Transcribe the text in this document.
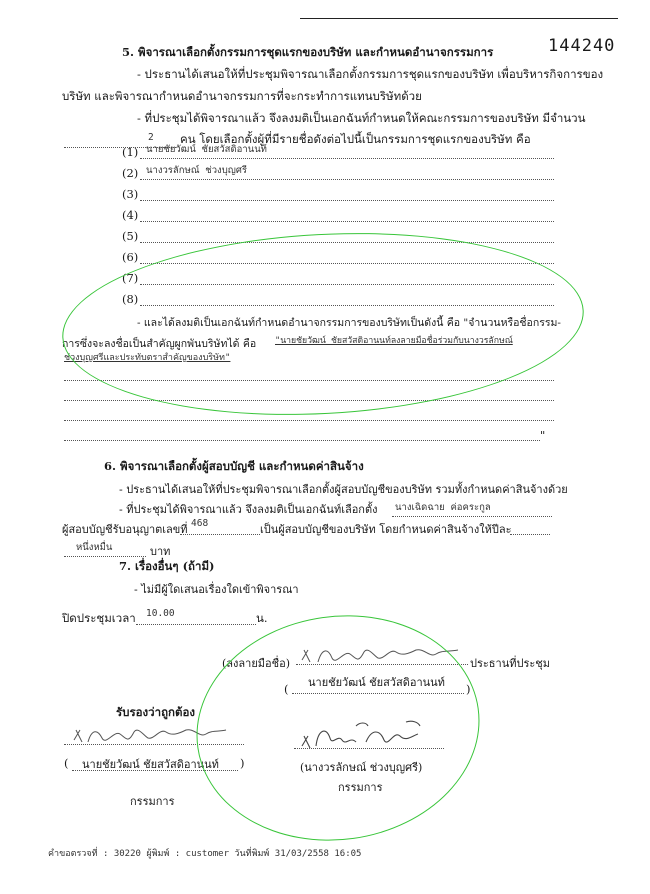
144240
5. พิจารณาเลือกตั้งกรรมการชุดแรกของบริษัท และกำหนดอำนาจกรรมการ
- ประธานได้เสนอให้ที่ประชุมพิจารณาเลือกตั้งกรรมการชุดแรกของบริษัท เพื่อบริหารกิจการของ
บริษัท และพิจารณากำหนดอำนาจกรรมการที่จะกระทำการแทนบริษัทด้วย
- ที่ประชุมได้พิจารณาแล้ว จึงลงมติเป็นเอกฉันท์กำหนดให้คณะกรรมการของบริษัท มีจำนวน
2 คน โดยเลือกตั้งผู้ที่มีรายชื่อดังต่อไปนี้เป็นกรรมการชุดแรกของบริษัท คือ
(1) นายชัยวัฒน์ ชัยสวัสดิอานนท์
(2) นางวรลักษณ์ ช่วงบุญศรี
(3)
(4)
(5)
(6)
(7)
(8)
- และได้ลงมติเป็นเอกฉันท์กำหนดอำนาจกรรมการของบริษัทเป็นดังนี้ คือ "จำนวนหรือชื่อกรรม-
การซึ่งจะลงชื่อเป็นสำคัญผูกพันบริษัทได้ คือ "นายชัยวัฒน์ ชัยสวัสดิอานนท์ลงลายมือชื่อร่วมกับนางวรลักษณ์
ช่วงบุญศรีและประทับตราสำคัญของบริษัท"
"
6. พิจารณาเลือกตั้งผู้สอบบัญชี และกำหนดค่าสินจ้าง
- ประธานได้เสนอให้ที่ประชุมพิจารณาเลือกตั้งผู้สอบบัญชีของบริษัท รวมทั้งกำหนดค่าสินจ้างด้วย
- ที่ประชุมได้พิจารณาแล้ว จึงลงมติเป็นเอกฉันท์เลือกตั้ง นางเฉิดฉาย ค่อคระกูล
ผู้สอบบัญชีรับอนุญาตเลขที่ 468	เป็นผู้สอบบัญชีของบริษัท โดยกำหนดค่าสินจ้างให้ปีละ
หนึ่งหมื่น	บาท
7. เรื่องอื่นๆ (ถ้ามี)
- ไม่มีผู้ใดเสนอเรื่องใดเข้าพิจารณา
ปิดประชุมเวลา 10.00	น.
(ลงลายมือชื่อ)	ประธานที่ประชุม
นายชัยวัฒน์ ชัยสวัสดิอานนท์
(	)
รับรองว่าถูกต้อง
( นายชัยวัฒน์ ชัยสวัสดิอานนท์ )
กรรมการ
(นางวรลักษณ์ ช่วงบุญศรี)
กรรมการ
คำขอตรวจที่ : 30220 ผู้พิมพ์ : customer วันที่พิมพ์ 31/03/2558 16:05
